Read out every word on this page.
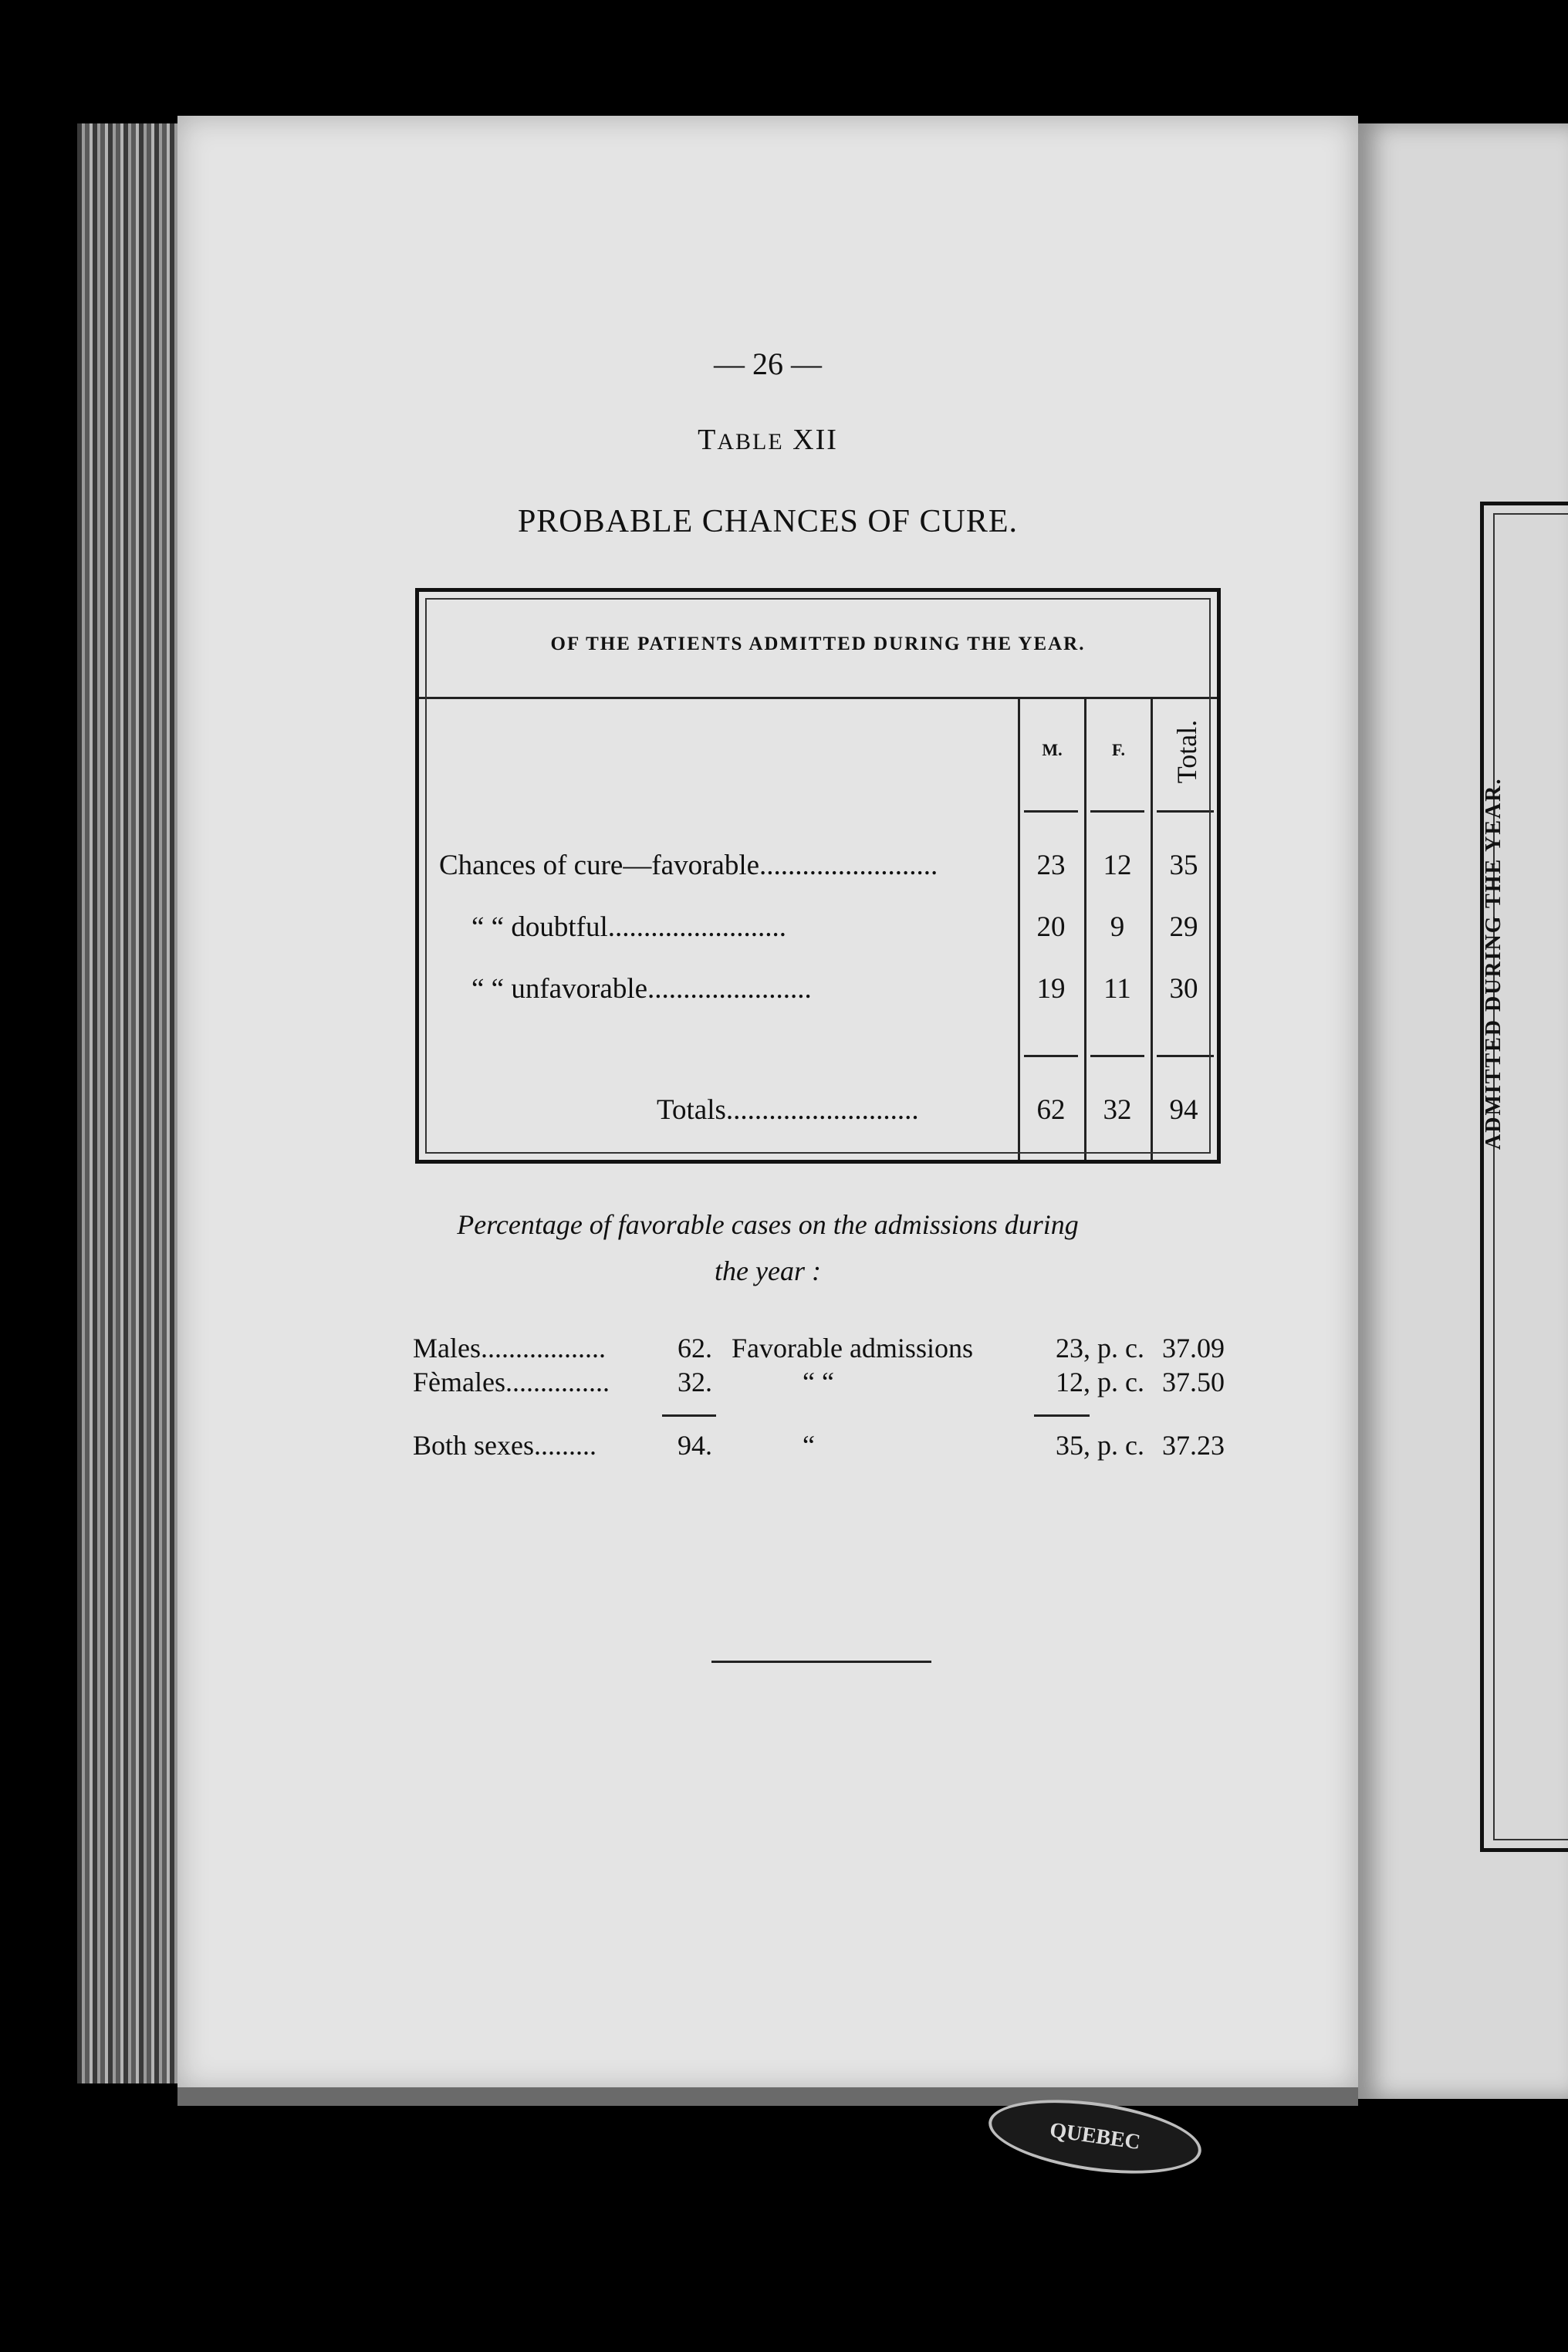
QUEBEC
— 26 —
TABLE XII
PROBABLE CHANCES OF CURE.
OF THE PATIENTS ADMITTED DURING THE YEAR.
M.	F.	Total.
Chances of cure—favorable.........................	23	12	35
“ “ doubtful.........................	20	9	29
“ “ unfavorable.......................	19	11	30
Totals...........................	62	32	94
Percentage of favorable cases on the admissions during
the year :
Males..................	62. Favorable admissions	23, p. c. 37.09
Fèmales............... 32.	“ “	12, p. c. 37.50
Both sexes.........	94.	“	35, p. c. 37.23
ADMITTED DURING THE YEAR.
